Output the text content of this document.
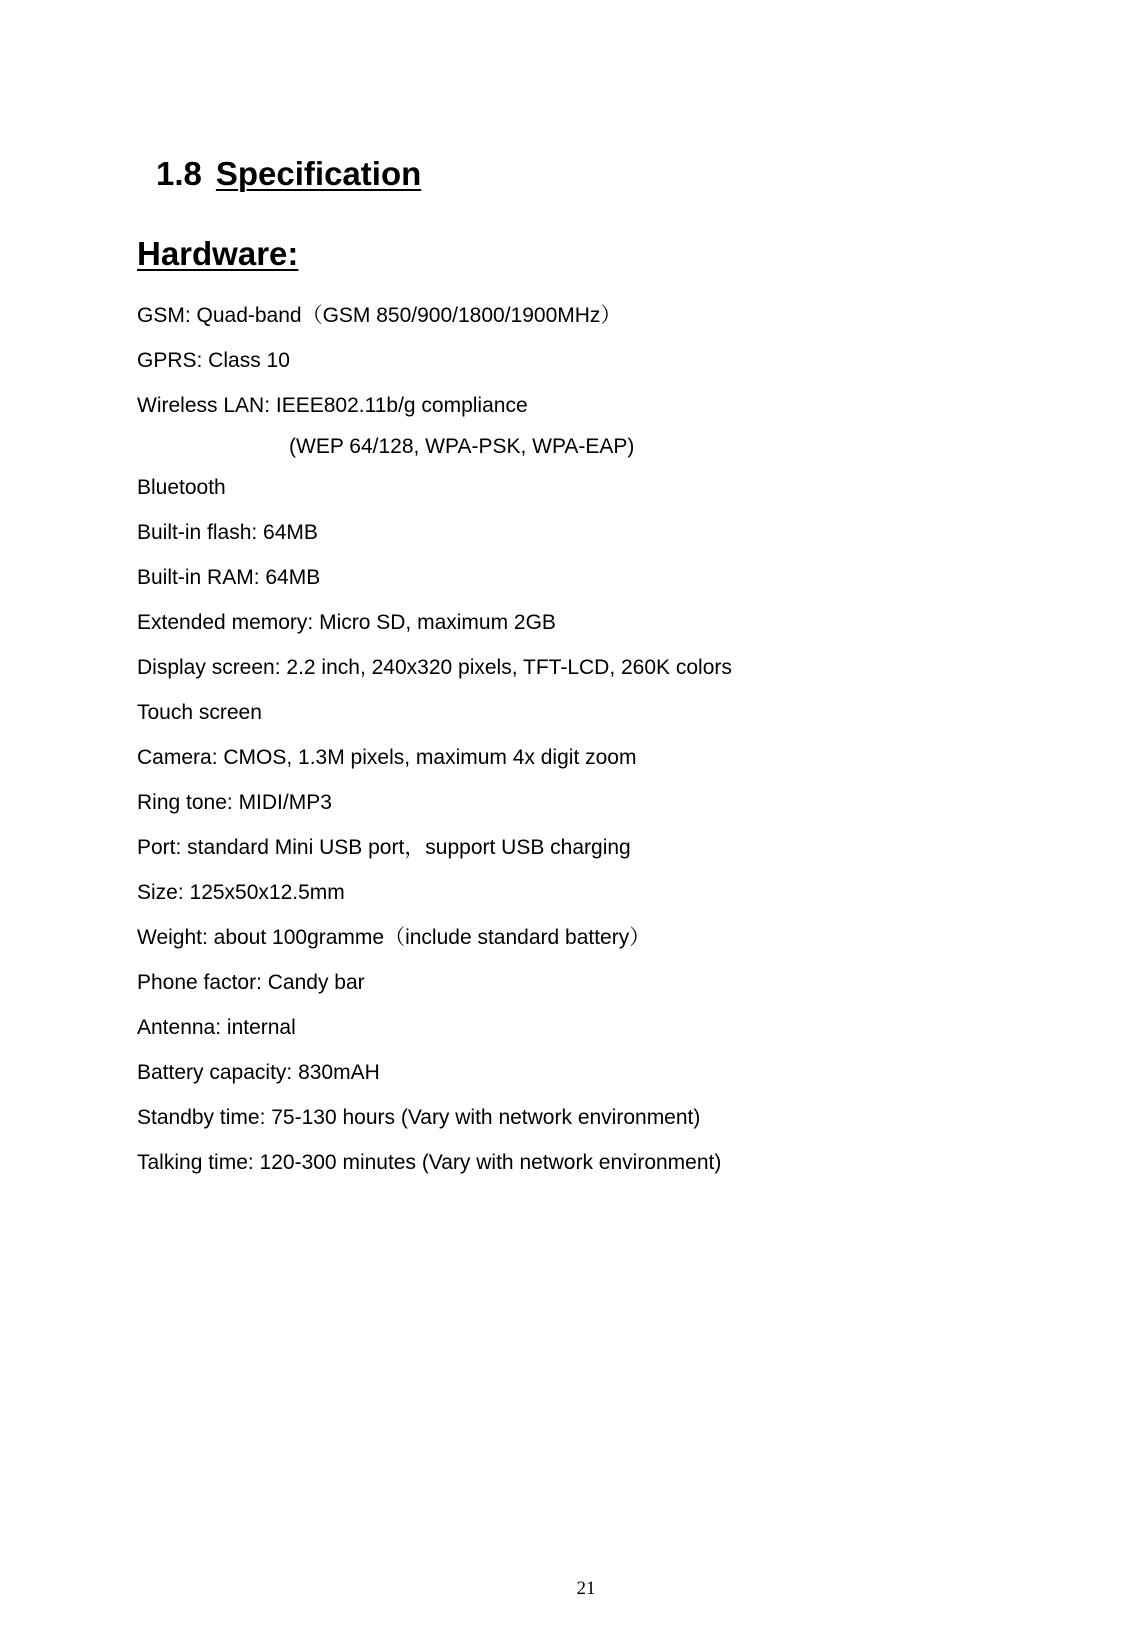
1.8 Specification
Hardware:
GSM: Quad-band（GSM 850/900/1800/1900MHz）
GPRS: Class 10
Wireless LAN: IEEE802.11b/g compliance
(WEP 64/128, WPA-PSK, WPA-EAP)
Bluetooth
Built-in flash: 64MB
Built-in RAM: 64MB
Extended memory: Micro SD, maximum 2GB
Display screen: 2.2 inch, 240x320 pixels, TFT-LCD, 260K colors
Touch screen
Camera: CMOS, 1.3M pixels, maximum 4x digit zoom
Ring tone: MIDI/MP3
Port: standard Mini USB port，support USB charging
Size: 125x50x12.5mm
Weight: about 100gramme（include standard battery）
Phone factor: Candy bar
Antenna: internal
Battery capacity: 830mAH
Standby time: 75-130 hours (Vary with network environment)
Talking time: 120-300 minutes (Vary with network environment)
21
